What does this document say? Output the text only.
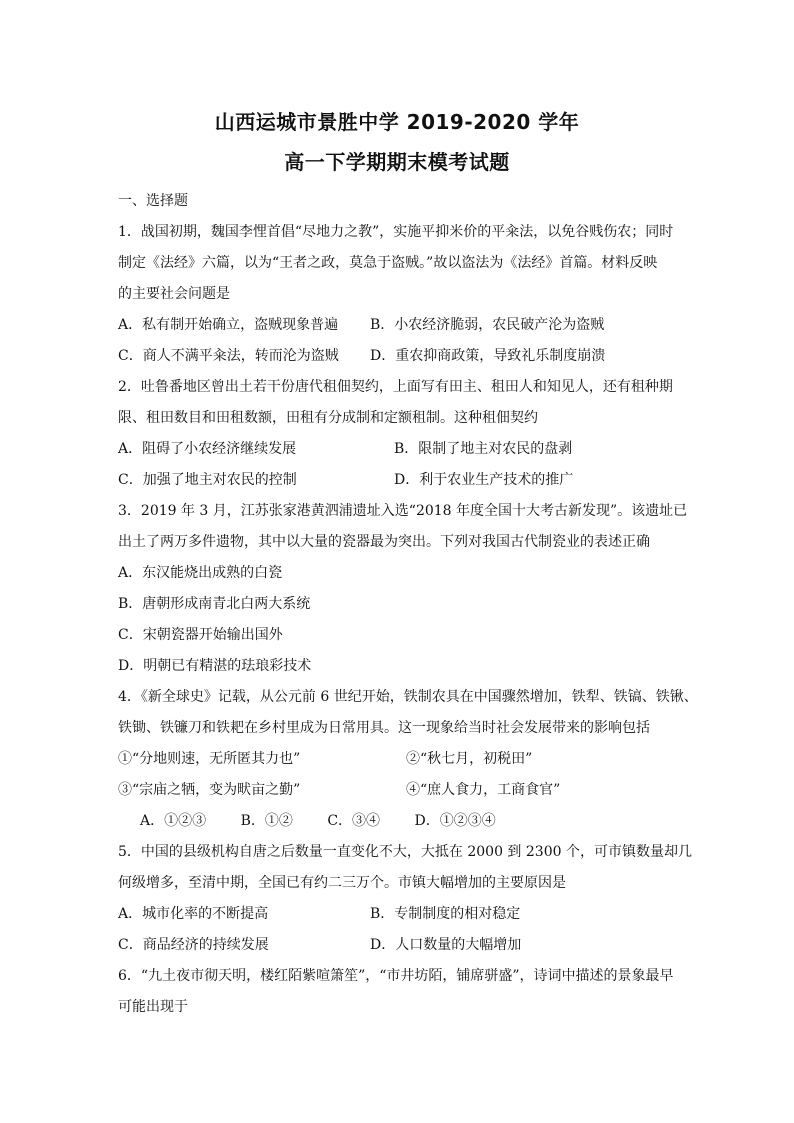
山西运城市景胜中学 2019-2020 学年
高一下学期期末模考试题
一、选择题
1．战国初期，魏国李悝首倡“尽地力之教”，实施平抑米价的平籴法，以免谷贱伤农；同时
制定《法经》六篇，以为“王者之政，莫急于盗贼。”故以盗法为《法经》首篇。材料反映
的主要社会问题是
A．私有制开始确立，盗贼现象普遍	B．小农经济脆弱，农民破产沦为盗贼
C．商人不满平籴法，转而沦为盗贼	D．重农抑商政策，导致礼乐制度崩溃
2．吐鲁番地区曾出土若干份唐代租佃契约，上面写有田主、租田人和知见人，还有租种期
限、租田数目和田租数额，田租有分成制和定额租制。这种租佃契约
A．阻碍了小农经济继续发展	B．限制了地主对农民的盘剥
C．加强了地主对农民的控制	D．利于农业生产技术的推广
3．2019 年 3 月，江苏张家港黄泗浦遗址入选“2018 年度全国十大考古新发现”。该遗址已
出土了两万多件遗物，其中以大量的瓷器最为突出。下列对我国古代制瓷业的表述正确
A．东汉能烧出成熟的白瓷
B．唐朝形成南青北白两大系统
C．宋朝瓷器开始输出国外
D．明朝已有精湛的珐琅彩技术
4．《新全球史》记载，从公元前 6 世纪开始，铁制农具在中国骤然增加，铁犁、铁镐、铁锹、
铁锄、铁镰刀和铁耙在乡村里成为日常用具。这一现象给当时社会发展带来的影响包括
①“分地则速，无所匿其力也”	②“秋七月，初税田”
③“宗庙之牺，变为畎亩之勤”	④“庶人食力，工商食官”
A．①②③ B．①② C．③④ D．①②③④
5．中国的县级机构自唐之后数量一直变化不大，大抵在 2000 到 2300 个，可市镇数量却几
何级增多，至清中期，全国已有约二三万个。市镇大幅增加的主要原因是
A．城市化率的不断提高	B．专制制度的相对稳定
C．商品经济的持续发展	D．人口数量的大幅增加
6．“九土夜市彻天明，楼红陌紫喧箫笙”，“市井坊陌，铺席骈盛”，诗词中描述的景象最早
可能出现于
